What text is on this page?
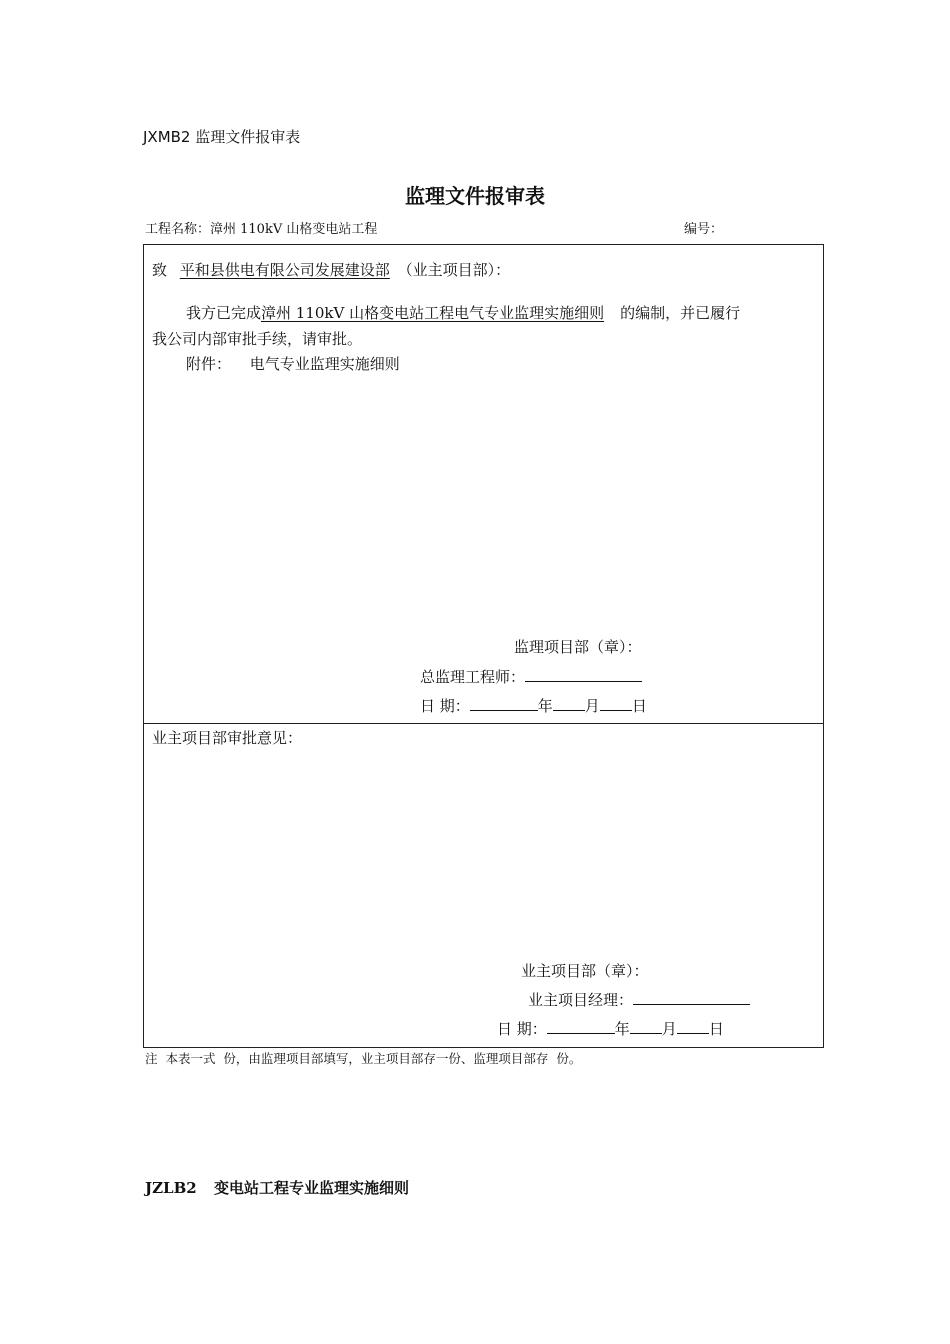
JXMB2 监理文件报审表
监理文件报审表
工程名称：漳州 110kV 山格变电站工程	编号：
致 平和县供电有限公司发展建设部 （业主项目部）：
我方已完成漳州 110kV 山格变电站工程电气专业监理实施细则 的编制，并已履行
我公司内部审批手续，请审批。
附件： 电气专业监理实施细则
监理项目部（章）：
总监理工程师：
日 期：	年 月 日
业主项目部审批意见：
业主项目部（章）：
业主项目经理：
日 期：	年 月 日
注  本表一式  份，由监理项目部填写，业主项目部存一份、监理项目部存  份。
JZLB2 变电站工程专业监理实施细则
